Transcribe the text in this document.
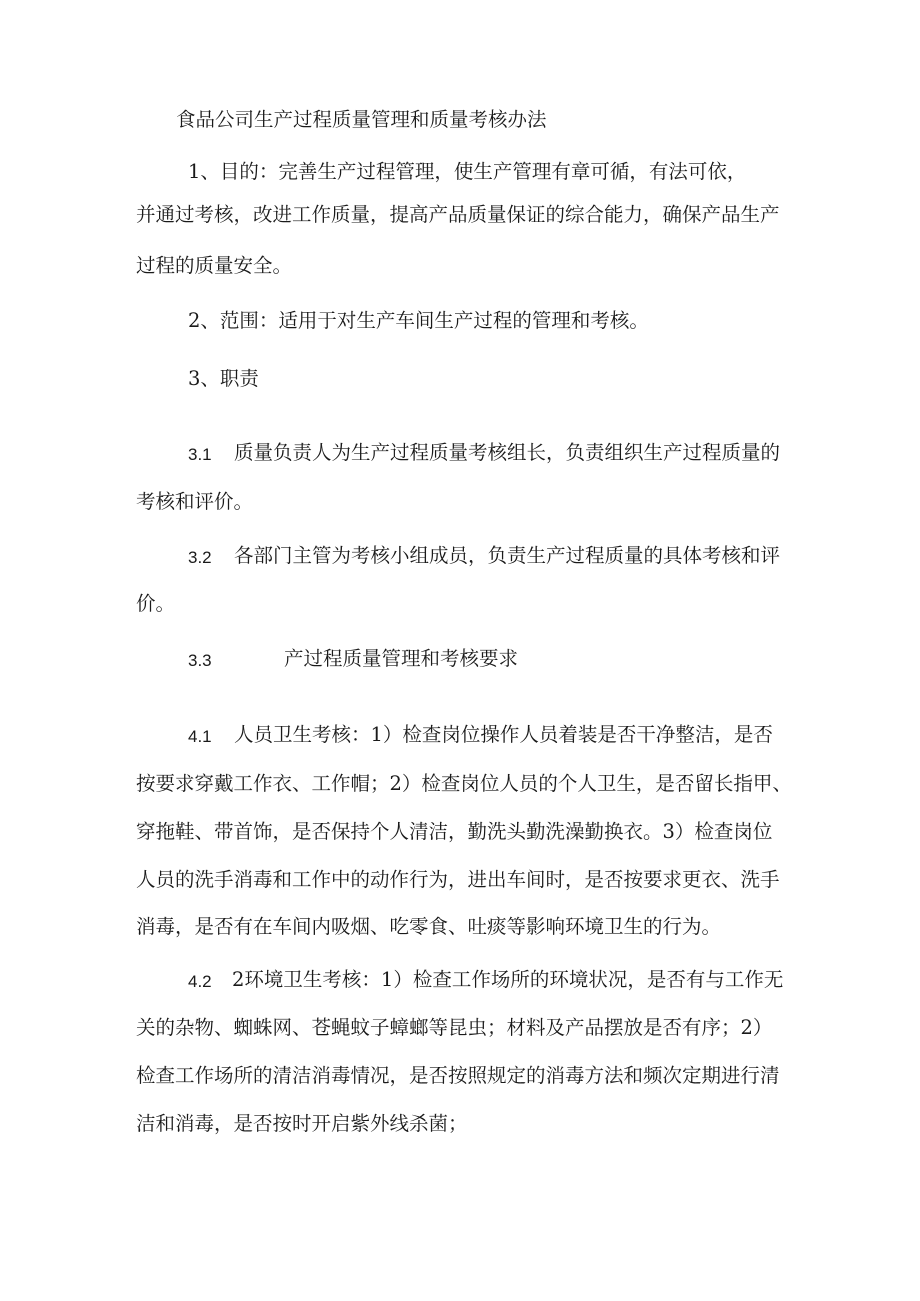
食品公司生产过程质量管理和质量考核办法
1、目的：完善生产过程管理，使生产管理有章可循，有法可依，
并通过考核，改进工作质量，提高产品质量保证的综合能力，确保产品生产
过程的质量安全。
2、范围：适用于对生产车间生产过程的管理和考核。
3、职责
3.1 质量负责人为生产过程质量考核组长，负责组织生产过程质量的
考核和评价。
3.2 各部门主管为考核小组成员，负责生产过程质量的具体考核和评
价。
3.3	产过程质量管理和考核要求
4.1 人员卫生考核：1）检查岗位操作人员着装是否干净整洁，是否
按要求穿戴工作衣、工作帽；2）检查岗位人员的个人卫生，是否留长指甲、
穿拖鞋、带首饰，是否保持个人清洁，勤洗头勤洗澡勤换衣。3）检查岗位
人员的洗手消毒和工作中的动作行为，进出车间时，是否按要求更衣、洗手
消毒，是否有在车间内吸烟、吃零食、吐痰等影响环境卫生的行为。
4.2 2环境卫生考核：1）检查工作场所的环境状况，是否有与工作无
关的杂物、蜘蛛网、苍蝇蚊子蟑螂等昆虫；材料及产品摆放是否有序；2）
检查工作场所的清洁消毒情况，是否按照规定的消毒方法和频次定期进行清
洁和消毒，是否按时开启紫外线杀菌；
